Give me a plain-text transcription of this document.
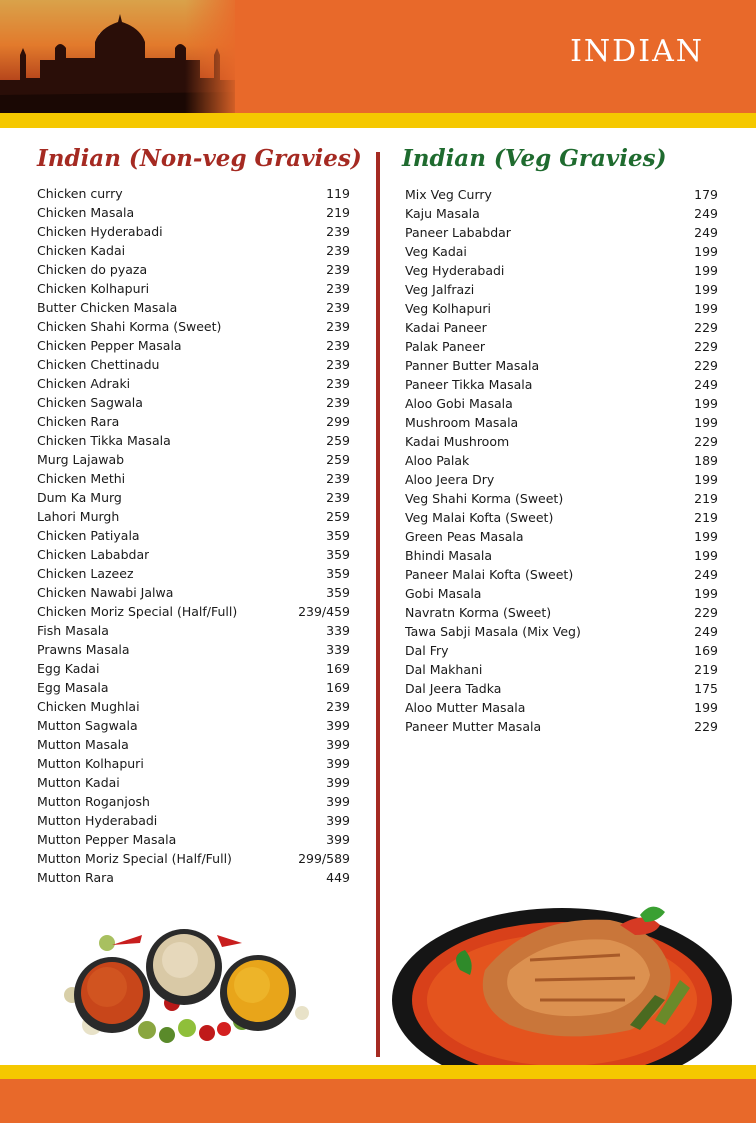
INDIAN
Indian (Non-veg Gravies) Indian (Veg Gravies)
Chicken curry	119
Chicken Masala	219
Chicken Hyderabadi	239
Chicken Kadai	239
Chicken do pyaza	239
Chicken Kolhapuri	239
Butter Chicken Masala	239
Chicken Shahi Korma (Sweet)	239
Chicken Pepper Masala	239
Chicken Chettinadu	239
Chicken Adraki	239
Chicken Sagwala	239
Chicken Rara	299
Chicken Tikka Masala	259
Murg Lajawab	259
Chicken Methi	239
Dum Ka Murg	239
Lahori Murgh	259
Chicken Patiyala	359
Chicken Lababdar	359
Chicken Lazeez	359
Chicken Nawabi Jalwa	359
Chicken Moriz Special (Half/Full)	239/459
Fish Masala	339
Prawns Masala	339
Egg Kadai	169
Egg Masala	169
Chicken Mughlai	239
Mutton Sagwala	399
Mutton Masala	399
Mutton Kolhapuri	399
Mutton Kadai	399
Mutton Roganjosh	399
Mutton Hyderabadi	399
Mutton Pepper Masala	399
Mutton Moriz Special (Half/Full)	299/589
Mutton Rara	449
Mix Veg Curry	179
Kaju Masala	249
Paneer Lababdar	249
Veg Kadai	199
Veg Hyderabadi	199
Veg Jalfrazi	199
Veg Kolhapuri	199
Kadai Paneer	229
Palak Paneer	229
Panner Butter Masala	229
Paneer Tikka Masala	249
Aloo Gobi Masala	199
Mushroom Masala	199
Kadai Mushroom	229
Aloo Palak	189
Aloo Jeera Dry	199
Veg Shahi Korma (Sweet)	219
Veg Malai Kofta (Sweet)	219
Green Peas Masala	199
Bhindi Masala	199
Paneer Malai Kofta (Sweet)	249
Gobi Masala	199
Navratn Korma (Sweet)	229
Tawa Sabji Masala (Mix Veg)	249
Dal Fry	169
Dal Makhani	219
Dal Jeera Tadka	175
Aloo Mutter Masala	199
Paneer Mutter Masala	229
